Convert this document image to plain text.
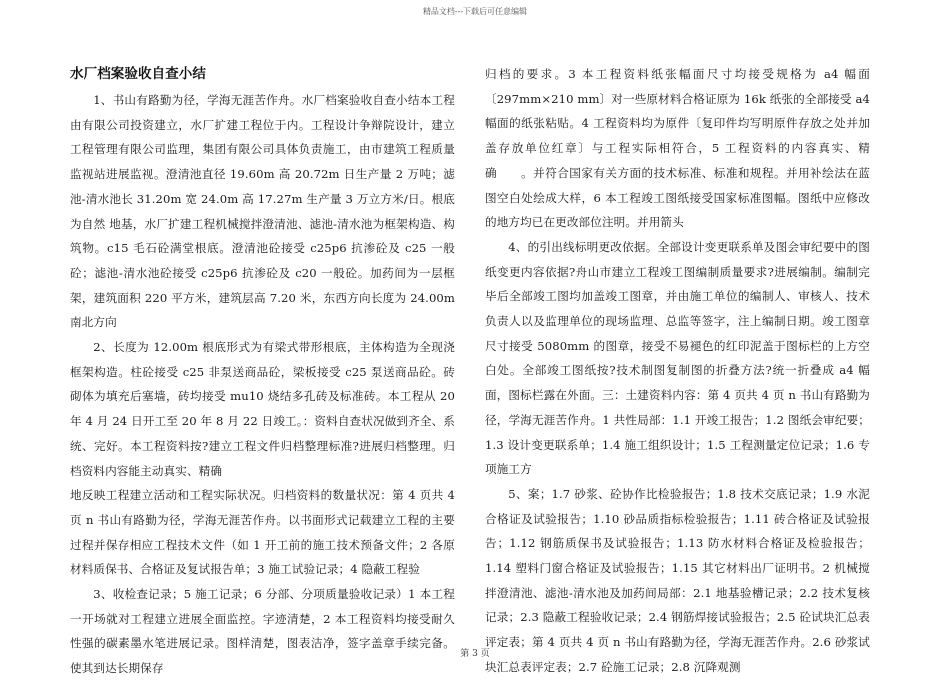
精品文档---下载后可任意编辑
水厂档案验收自查小结

1、书山有路勤为径，学海无涯苦作舟。水厂档案验收自查小结本工程由有限公司投资建立，水厂扩建工程位于内。工程设计争辩院设计，建立工程管理有限公司监理，集团有限公司具体负责施工，由市建筑工程质量监视站进展监视。澄清池直径 19.60m 高 20.72m 日生产量 2 万吨；滤池-清水池长 31.20m 宽 24.0m 高 17.27m 生产量 3 万立方米/日。根底为自然 地基，水厂扩建工程机械搅拌澄清池、滤池-清水池为框架构造、构筑物。c15 毛石砼满堂根底。澄清池砼接受 c25p6 抗渗砼及 c25 一般砼；滤池-清水池砼接受 c25p6 抗渗砼及 c20 一般砼。加药间为一层框架，建筑面积 220 平方米，建筑层高 7.20 米，东西方向长度为 24.00m 南北方向

2、长度为 12.00m 根底形式为有梁式带形根底，主体构造为全现浇框架构造。柱砼接受 c25 非泵送商品砼，梁板接受 c25 泵送商品砼。砖砌体为填充后塞墙，砖均接受 mu10 烧结多孔砖及标准砖。本工程从 20 年 4 月 24 日开工至 20 年 8 月 22 日竣工。：资料自查状况做到齐全、系统、完好。本工程资料按?建立工程文件归档整理标准?进展归档整理。归档资料内容能主动真实、精确

地反映工程建立活动和工程实际状况。归档资料的数量状况：第 4 页共 4 页 n 书山有路勤为径，学海无涯苦作舟。以书面形式记载建立工程的主要过程并保存相应工程技术文件（如 1 开工前的施工技术预备文件；2 各原材料质保书、合格证及复试报告单；3 施工试验记录；4 隐蔽工程验

3、收检查记录；5 施工记录；6 分部、分项质量验收记录）1 本工程一开场就对工程建立进展全面监控。字迹清楚，2 本工程资料均接受耐久性强的碳素墨水笔进展记录。图样清楚，图表洁净，签字盖章手续完备。使其到达长期保存

归档的要求。3 本工程资料纸张幅面尺寸均接受规格为 a4 幅面〔297mm×210 mm〕对一些原材料合格证原为 16k 纸张的全部接受 a4 幅面的纸张粘贴。4 工程资料均为原件〔复印件均写明原件存放之处并加盖存放单位红章〕与工程实际相符合，5 工程资料的内容真实、精确　　。并符合国家有关方面的技术标准、标准和规程。并用补绘法在蓝图空白处绘成大样，6 本工程竣工图纸接受国家标准图幅。图纸中应修改的地方均已在更改部位注明。并用箭头

4、的引出线标明更改依据。全部设计变更联系单及图会审纪要中的图纸变更内容依据?舟山市建立工程竣工图编制质量要求?进展编制。编制完毕后全部竣工图均加盖竣工图章，并由施工单位的编制人、审核人、技术负责人以及监理单位的现场监理、总监等签字，注上编制日期。竣工图章尺寸接受 5080mm 的图章，接受不易褪色的红印泥盖于图标栏的上方空白处。全部竣工图纸按?技术制图复制图的折叠方法?统一折叠成 a4 幅面，图标栏露在外面。三：土建资料内容：第 4 页共 4 页 n 书山有路勤为径，学海无涯苦作舟。1 共性局部：1.1 开竣工报告；1.2 图纸会审纪要；1.3 设计变更联系单；1.4 施工组织设计；1.5 工程测量定位记录；1.6 专项施工方

5、案；1.7 砂浆、砼协作比检验报告；1.8 技术交底记录；1.9 水泥合格证及试验报告；1.10 砂品质指标检验报告；1.11 砖合格证及试验报告；1.12 钢筋质保书及试验报告；1.13 防水材料合格证及检验报告；1.14 塑料门窗合格证及试验报告；1.15 其它材料出厂证明书。2 机械搅拌澄清池、滤池-清水池及加药间局部：2.1 地基验槽记录；2.2 技术复核记录；2.3 隐蔽工程验收记录；2.4 钢筋焊接试验报告；2.5 砼试块汇总表评定表；第 4 页共 4 页 n 书山有路勤为径，学海无涯苦作舟。2.6 砂浆试块汇总表评定表；2.7 砼施工记录；2.8 沉降观测

第 3 页
